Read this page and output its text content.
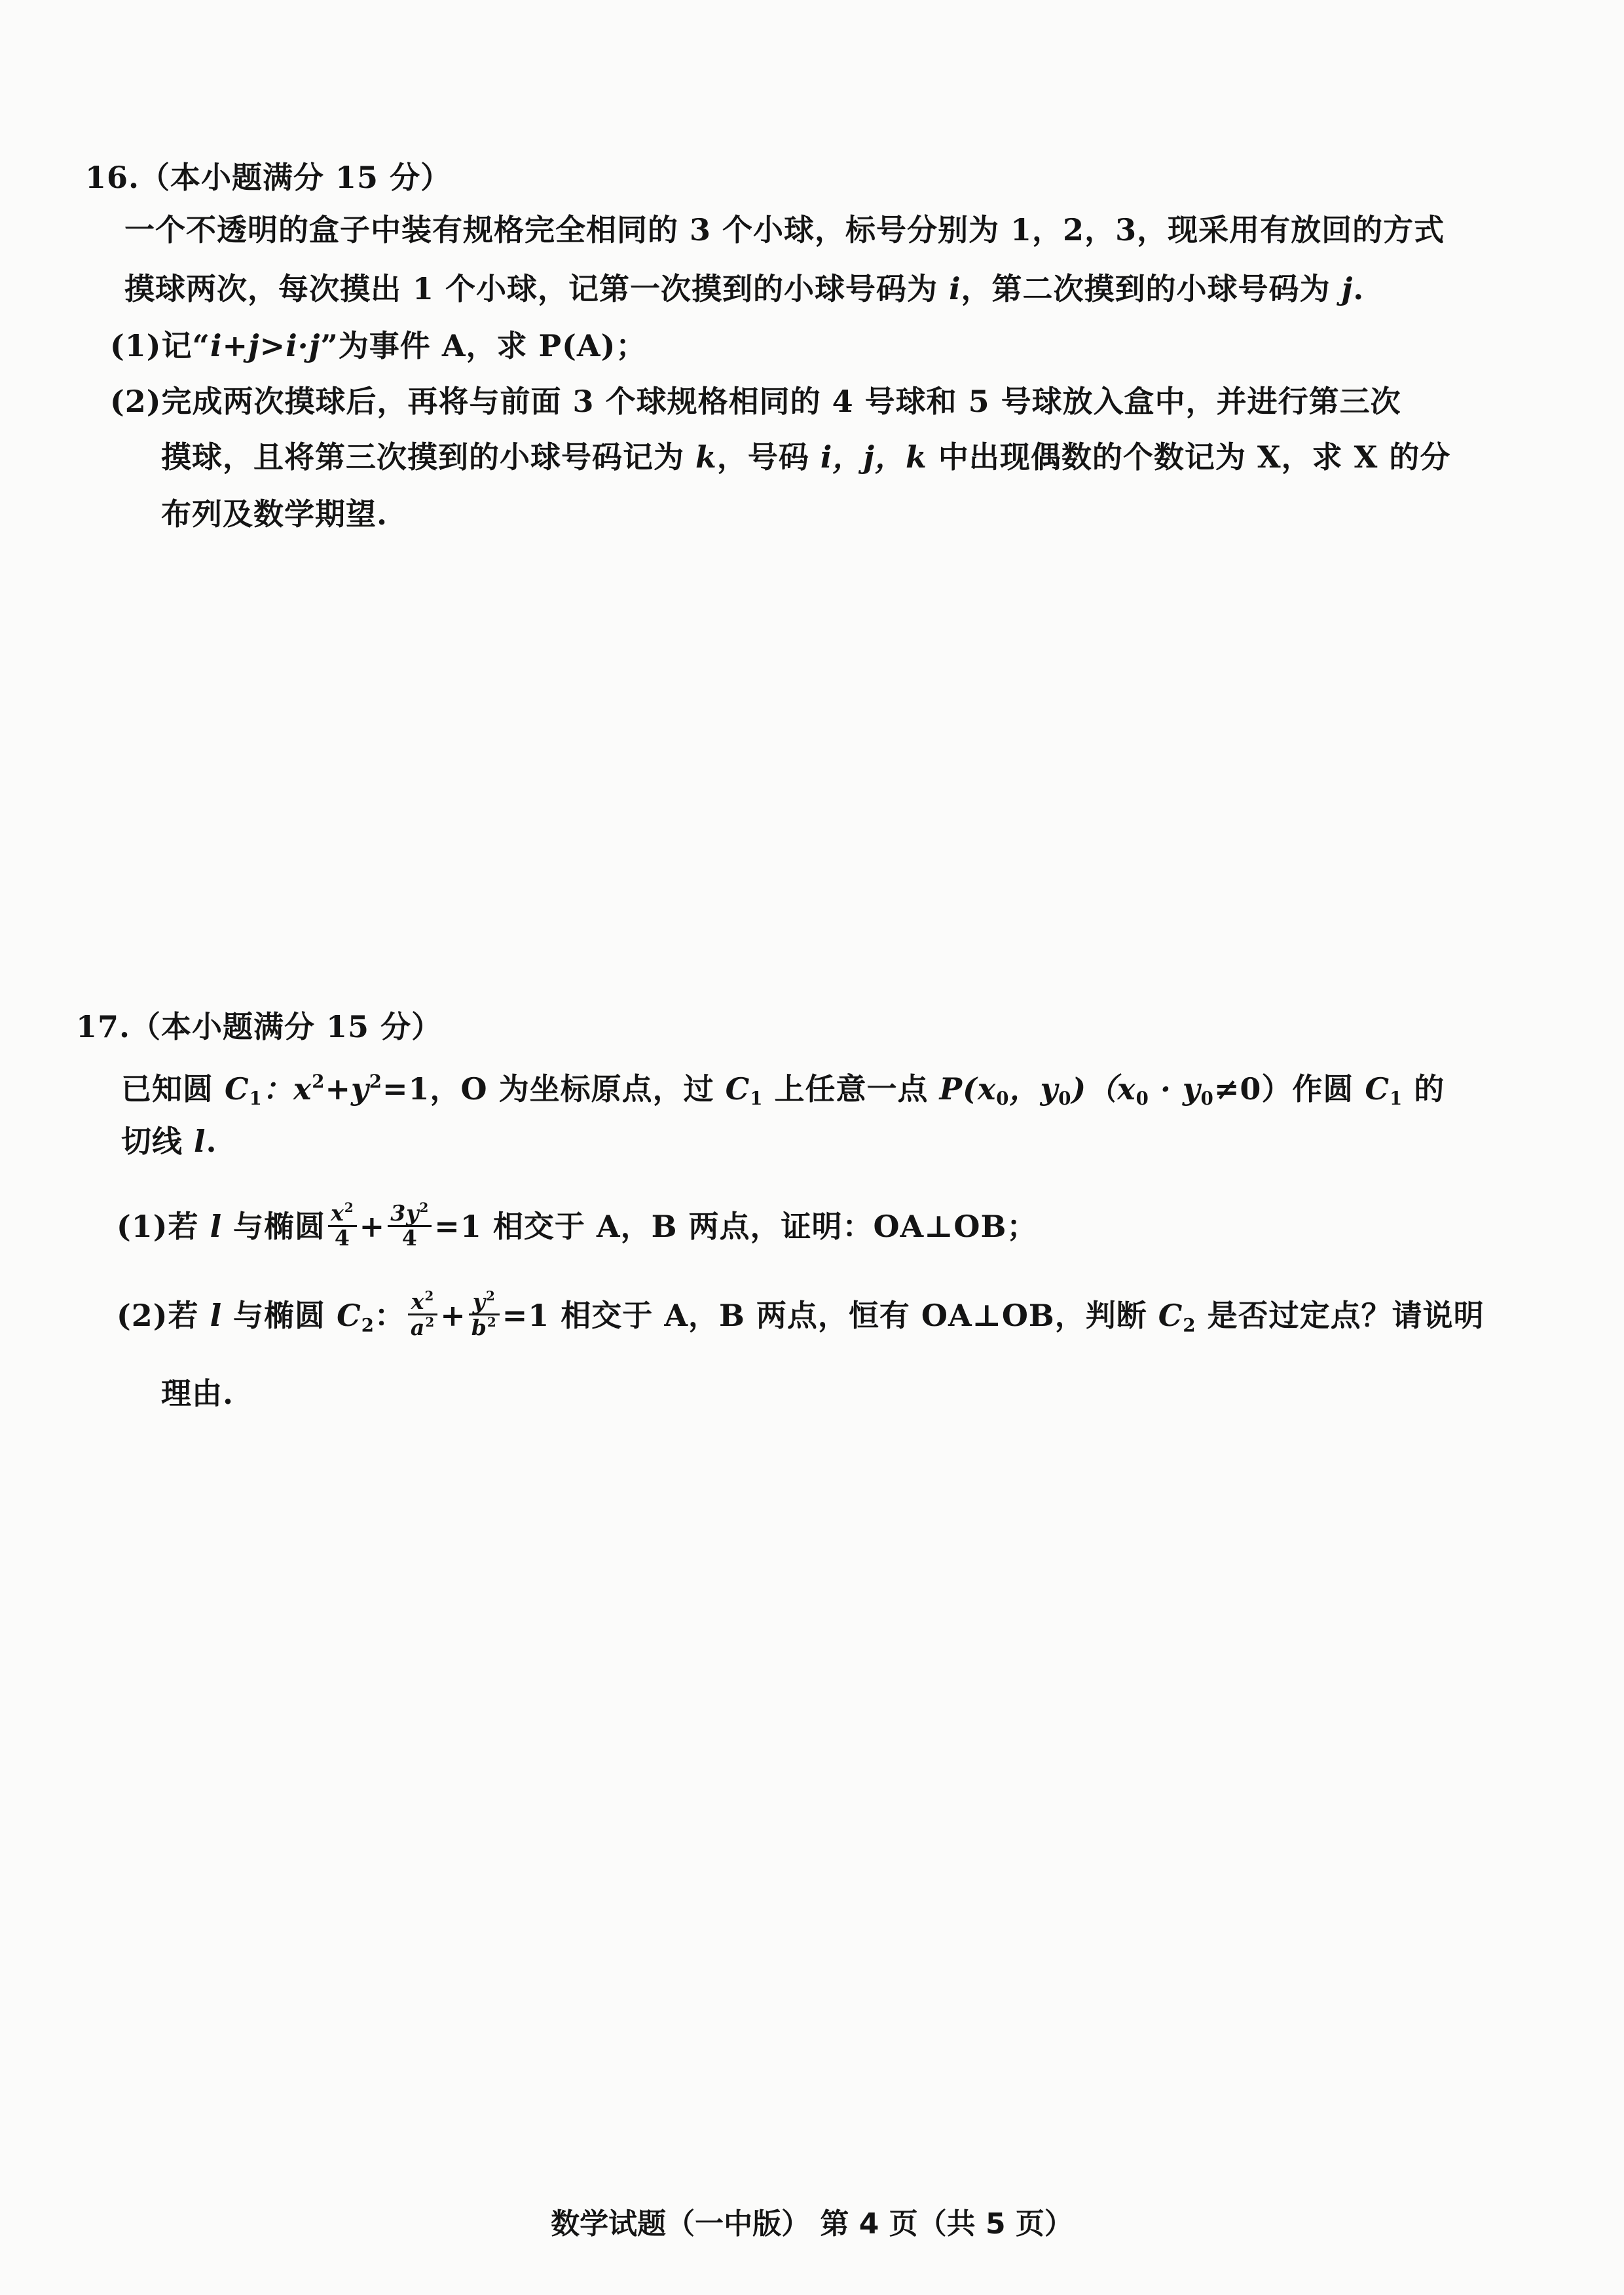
16.（本小题满分 15 分）
一个不透明的盒子中装有规格完全相同的 3 个小球，标号分别为 1，2，3，现采用有放回的方式
摸球两次，每次摸出 1 个小球，记第一次摸到的小球号码为 i，第二次摸到的小球号码为 j.
(1)记“i+j>i·j”为事件 A，求 P(A)；
(2)完成两次摸球后，再将与前面 3 个球规格相同的 4 号球和 5 号球放入盒中，并进行第三次
摸球，且将第三次摸到的小球号码记为 k，号码 i，j，k 中出现偶数的个数记为 X，求 X 的分
布列及数学期望.
17.（本小题满分 15 分）
已知圆 $C_1$：$x^2+y^2=1$，O 为坐标原点，过 $C_1$ 上任意一点 $P(x_0$，$y_0)(x_0 \cdot y_0\ne 0)$作圆 $C_1$ 的
切线 l.
(1)若 l 与椭圆 $\frac{x^2}{4} + \frac{3y^2}{4} =1$ 相交于 A，B 两点，证明：OA⊥OB；
(2)若 l 与椭圆 $C_2$： $\frac{x^2}{a^2} + \frac{y^2}{b^2} =1$ 相交于 A，B 两点，恒有 OA⊥OB，判断 $C_2$ 是否过定点？请说明
理由.
数学试题（一中版） 第 4 页（共 5 页）
